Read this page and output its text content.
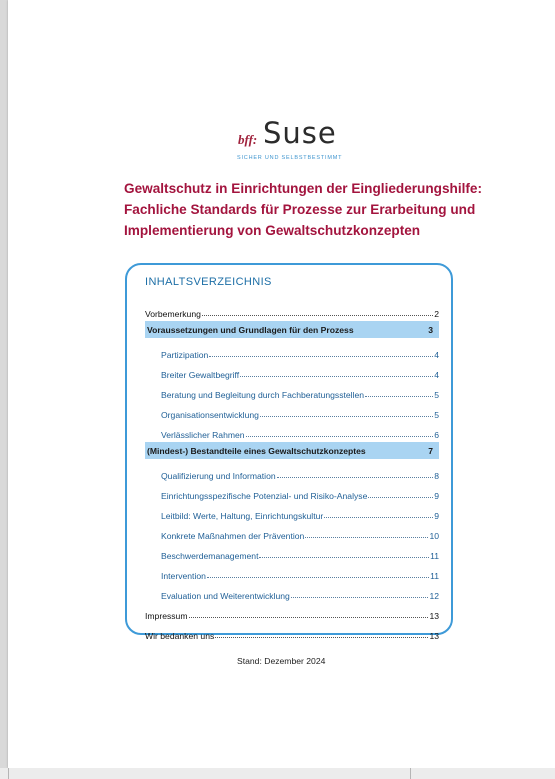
bff: Suse
SICHER UND SELBSTBESTIMMT
Gewaltschutz in Einrichtungen der Eingliederungshilfe:
Fachliche Standards für Prozesse zur Erarbeitung und
Implementierung von Gewaltschutzkonzepten
INHALTSVERZEICHNIS
Vorbemerkung	2
Voraussetzungen und Grundlagen für den Prozess	3
Partizipation	4
Breiter Gewaltbegriff	4
Beratung und Begleitung durch Fachberatungsstellen	5
Organisationsentwicklung	5
Verlässlicher Rahmen	6
(Mindest-) Bestandteile eines Gewaltschutzkonzeptes	7
Qualifizierung und Information	8
Einrichtungsspezifische Potenzial- und Risiko-Analyse	9
Leitbild: Werte, Haltung, Einrichtungskultur	9
Konkrete Maßnahmen der Prävention	10
Beschwerdemanagement	11
Intervention	11
Evaluation und Weiterentwicklung	12
Impressum	13
Wir bedanken uns	13
Stand: Dezember 2024
